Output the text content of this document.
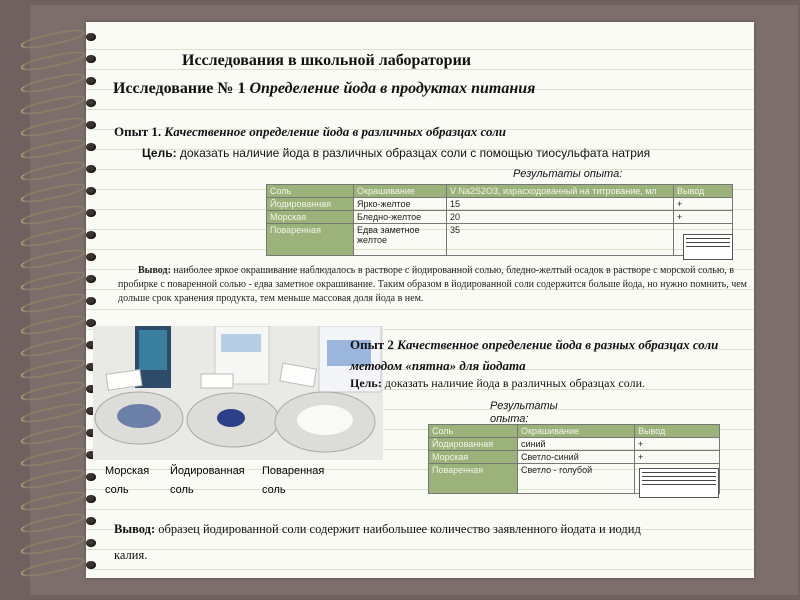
Исследования в школьной лаборатории
Исследование № 1 Определение йода в продуктах питания
Опыт 1. Качественное определение йода в различных образцах соли
Цель: доказать наличие йода в различных образцах соли с помощью тиосульфата натрия
Результаты опыта:
Соль	Окрашивание	V Na2S2O3, израсходованный на титрование, мл	Вывод
Йодированная	Ярко-желтое	15	+
Морская	Бледно-желтое	20	+
Поваренная	Едва заметное желтое	35	
Вывод: наиболее яркое окрашивание наблюдалось в растворе с йодированной солью, бледно-желтый осадок в растворе с морской солью, в пробирке с поваренной солью - едва заметное окрашивание. Таким образом в йодированной соли содержится больше йода, но нужно помнить, чем дольше срок хранения продукта, тем меньше массовая доля йода в нем.
Морская соль
Йодированная соль
Поваренная соль
Опыт 2 Качественное определение йода в разных образцах соли методом «пятна» для йодата
Цель: доказать наличие йода в различных образцах соли.
Результаты опыта:
Соль	Окрашивание	Вывод
Йодированная	синий	+
Морская	Светло-синий	+
Поваренная	Светло - голубой	
Вывод: образец йодированной соли содержит наибольшее количество заявленного йодата и иодид калия.
